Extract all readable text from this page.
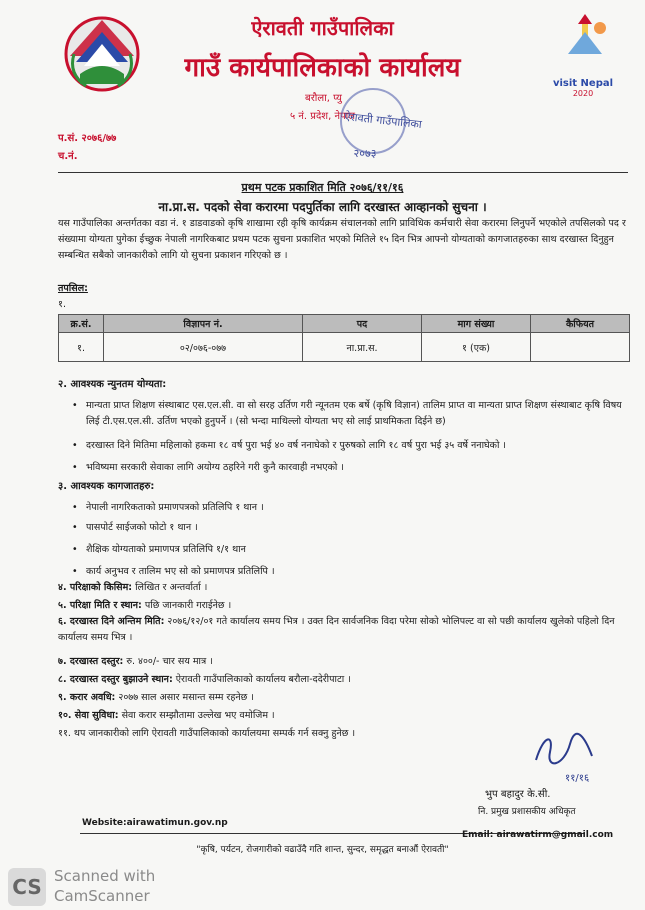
visit Nepal
2020
ऐरावती गाउँपालिका
गाउँ कार्यपालिकाको कार्यालय
बरौला, प्यु
५ नं. प्रदेश, नेपाल
ऐरावती गाउँपालिका
२०७३
प.सं. २०७६/७७
च.नं.
प्रथम पटक प्रकाशित मिति २०७६/११/१६
ना.प्रा.स. पदको सेवा करारमा पदपुर्तिका लागि दरखास्त आव्हानको सुचना ।
यस गाउँपालिका अन्तर्गतका वडा नं. १ डाडवाडको कृषि शाखामा रही कृषि कार्यक्रम संचालनको लागि प्राविधिक कर्मचारी सेवा करारमा लिनुपर्ने भएकोले तपसिलको पद र संख्यामा योग्यता पुगेका ईच्छुक नेपाली नागरिकबाट प्रथम पटक सुचना प्रकाशित भएको मितिले १५ दिन भित्र आफ्नो योग्यताको कागजातहरुका साथ दरखास्त दिनुहुन सम्बन्धित सबैको जानकारीको लागि यो सुचना प्रकाशन गरिएको छ ।
तपसिल:
१.
क्र.सं.	विज्ञापन नं.	पद	माग संख्या	कैफियत
१.	०२/०७६-०७७	ना.प्रा.स.	१ (एक)	
२. आवश्यक न्युनतम योग्यता:
• मान्यता प्राप्त शिक्षण संस्थाबाट एस.एल.सी. वा सो सरह उर्तिण गरी न्यूनतम एक बर्षे (कृषि विज्ञान) तालिम प्राप्त वा मान्यता प्राप्त शिक्षण संस्थाबाट कृषि विषय लिई टी.एस.एल.सी. उर्तिण भएको हुनुपर्ने । (सो भन्दा माथिल्लो योग्यता भए सो लाई प्राथमिकता दिईने छ)
• दरखास्त दिने मितिमा महिलाको हकमा १८ वर्ष पुरा भई ४० वर्ष ननाघेको र पुरुषको लागि १८ वर्ष पुरा भई ३५ वर्षे ननाघेको ।
• भविष्यमा सरकारी सेवाका लागि अयोग्य ठहरिने गरी कुनै कारवाही नभएको ।
३. आवश्यक कागजातहरु:
• नेपाली नागरिकताको प्रमाणपत्रको प्रतिलिपि १ थान ।
• पासपोर्ट साईजको फोटो १ थान ।
• शैक्षिक योग्यताको प्रमाणपत्र प्रतिलिपि १/१ थान
• कार्य अनुभव र तालिम भए सो को प्रमाणपत्र प्रतिलिपि ।
४. परिक्षाको किसिम: लिखित र अन्तर्वार्ता ।
५. परिक्षा मिति र स्थान: पछि जानकारी गराईनेछ ।
६. दरखास्त दिने अन्तिम मिति: २०७६/१२/०१ गते कार्यालय समय भित्र । उक्त दिन सार्वजनिक विदा परेमा सोको भोलिपल्ट वा सो पछी कार्यालय खुलेको पहिलो दिन कार्यालय समय भित्र ।
७. दरखास्त दस्तुर: रु. ४००/- चार सय मात्र ।
८. दरखास्त दस्तुर बुझाउने स्थान: ऐरावती गाउँपालिकाको कार्यालय बरौला-ददेरीपाटा ।
९. करार अवधि: २०७७ साल असार मसान्त सम्म रहनेछ ।
१०. सेवा सुविधा: सेवा करार सम्झौतामा उल्लेख भए वमोजिम ।
११. थप जानकारीको लागि ऐरावती गाउँपालिकाको कार्यालयमा सम्पर्क गर्न सक्नु हुनेछ ।
११/१६
भुप बहादुर के.सी.
नि. प्रमुख प्रशासकीय अधिकृत
Website:airawatimun.gov.np
Email: airawatirm@gmail.com
"कृषि, पर्यटन, रोजगारीको वढाउँदै गति शान्त, सुन्दर, समृद्धत बनाऔं ऐरावती"
CS Scanned with
CamScanner
